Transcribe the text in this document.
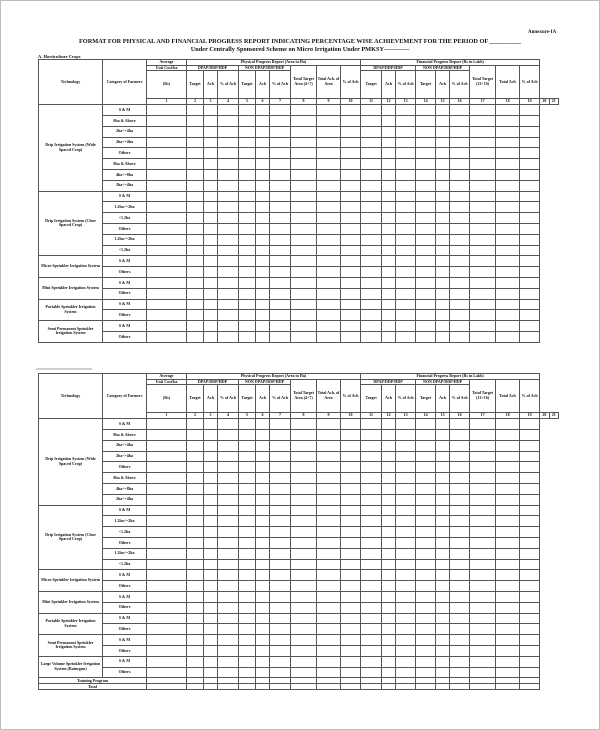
Annexure-IA
FORMAT FOR PHYSICAL AND FINANCIAL PROGRESS REPORT INDICATING PERCENTAGE WISE ACHIEVEMENT FOR THE PERIOD OF __________
Under Centrally Sponsored Scheme on Micro Irrigation Under PMKSY————
A. Horticulture Crops
Technology	Category of Farmers	Average	Physical Progress Report (Area in Ha)									Financial Progress Report (Rs in Lakh)										
		Unit Cost/ha	DPAP/DDP/HDP			NON DPAP/DDP/HDP			Total Target Area (4+7)	Total Ach. of Area	% of Ach	DPAP/DDP/HDP			NON DPAP/DDP/HDP			Total Target (13+16)	Total Ach	% of Ach		
		(Rs)	Target	Ach	% of Ach	Target	Ach	% of Ach				Target	Ach	% of Ach	Target	Ach	% of Ach					
		1	2	3	4	5	6	7	8	9	10	11	12	13	14	15	16	17	18	19	20	21
Drip Irrigation System (Wide Spaced Crop)	S & M																					
	0ha & Above																					
	2ha<=4ha																					
	2ha<=4ha																					
	Others																					
	0ha & Above																					
	4ha<=8ha																					
	2ha<=4ha																					
Drip Irrigation System (Close Spaced Crop)	S & M																					
	1.2ha<=2ha																					
	<1.2ha																					
	Others																					
	1.2ha<=2ha																					
	<1.2ha																					
Micro Sprinkler Irrigation System	S & M																					
	Others																					
Mini Sprinkler Irrigation System	S & M																					
	Others																					
Portable Sprinkler Irrigation System	S & M																					
	Others																					
Semi Permanent Sprinkler Irrigation System	S & M																					
	Others																					
Technology	Category of Farmers	Average	Physical Progress Report (Area in Ha)									Financial Progress Report (Rs in Lakh)										
		Unit Cost/ha	DPAP/DDP/HDP			NON DPAP/DDP/HDP			Total Target Area (4+7)	Total Ach. of Area	% of Ach	DPAP/DDP/HDP			NON DPAP/DDP/HDP			Total Target (13+16)	Total Ach	% of Ach		
		(Rs)	Target	Ach	% of Ach	Target	Ach	% of Ach				Target	Ach	% of Ach	Target	Ach	% of Ach					
		1	2	3	4	5	6	7	8	9	10	11	12	13	14	15	16	17	18	19	20	21
Drip Irrigation System (Wide Spaced Crop)	S & M																					
	0ha & Above																					
	2ha<=4ha																					
	2ha<=4ha																					
	Others																					
	0ha & Above																					
	4ha<=8ha																					
	2ha<=4ha																					
Drip Irrigation System (Close Spaced Crop)	S & M																					
	1.2ha<=2ha																					
	<1.2ha																					
	Others																					
	1.2ha<=2ha																					
	<1.2ha																					
Micro Sprinkler Irrigation System	S & M																					
	Others																					
Mini Sprinkler Irrigation System	S & M																					
	Others																					
Portable Sprinkler Irrigation System	S & M																					
	Others																					
Semi Permanent Sprinkler Irrigation System	S & M																					
	Others																					
Large Volume Sprinkler Irrigation System (Rainegun)	S & M																					
	Others																					
Training Program																						
Total																						
